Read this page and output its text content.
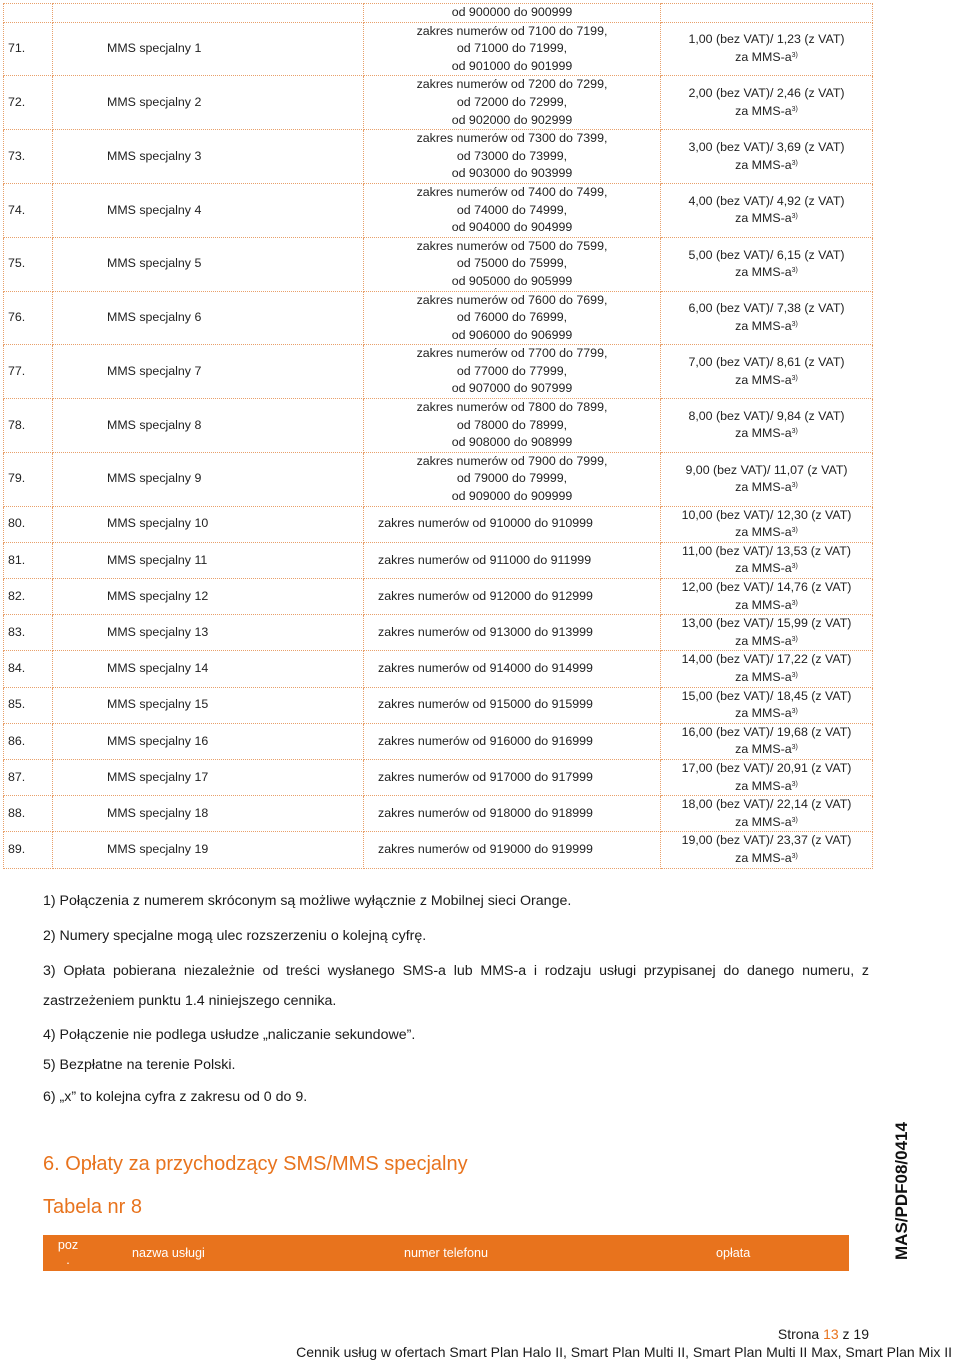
		od 900000 do 900999	

71.	MMS specjalny 1	zakres numerów od 7100 do 7199,
od 71000 do 71999,
od 901000 do 901999	1,00 (bez VAT)/ 1,23 (z VAT)
za MMS-$a^{3)}$

72.	MMS specjalny 2	zakres numerów od 7200 do 7299,
od 72000 do 72999,
od 902000 do 902999	2,00 (bez VAT)/ 2,46 (z VAT)
za MMS-$a^{3)}$

73.	MMS specjalny 3	zakres numerów od 7300 do 7399,
od 73000 do 73999,
od 903000 do 903999	3,00 (bez VAT)/ 3,69 (z VAT)
za MMS-$a^{3)}$

74.	MMS specjalny 4	zakres numerów od 7400 do 7499,
od 74000 do 74999,
od 904000 do 904999	4,00 (bez VAT)/ 4,92 (z VAT)
za MMS-$a^{3)}$

75.	MMS specjalny 5	zakres numerów od 7500 do 7599,
od 75000 do 75999,
od 905000 do 905999	5,00 (bez VAT)/ 6,15 (z VAT)
za MMS-$a^{3)}$

76.	MMS specjalny 6	zakres numerów od 7600 do 7699,
od 76000 do 76999,
od 906000 do 906999	6,00 (bez VAT)/ 7,38 (z VAT)
za MMS-$a^{3)}$

77.	MMS specjalny 7	zakres numerów od 7700 do 7799,
od 77000 do 77999,
od 907000 do 907999	7,00 (bez VAT)/ 8,61 (z VAT)
za MMS-$a^{3)}$

78.	MMS specjalny 8	zakres numerów od 7800 do 7899,
od 78000 do 78999,
od 908000 do 908999	8,00 (bez VAT)/ 9,84 (z VAT)
za MMS-$a^{3)}$

79.	MMS specjalny 9	zakres numerów od 7900 do 7999,
od 79000 do 79999,
od 909000 do 909999	9,00 (bez VAT)/ 11,07 (z VAT)
za MMS-$a^{3)}$

80.	MMS specjalny 10	zakres numerów od 910000 do 910999	10,00 (bez VAT)/ 12,30 (z VAT)
za MMS-$a^{3)}$

81.	MMS specjalny 11	zakres numerów od 911000 do 911999	11,00 (bez VAT)/ 13,53 (z VAT)
za MMS-$a^{3)}$

82.	MMS specjalny 12	zakres numerów od 912000 do 912999	12,00 (bez VAT)/ 14,76 (z VAT)
za MMS-$a^{3)}$

83.	MMS specjalny 13	zakres numerów od 913000 do 913999	13,00 (bez VAT)/ 15,99 (z VAT)
za MMS-$a^{3)}$

84.	MMS specjalny 14	zakres numerów od 914000 do 914999	14,00 (bez VAT)/ 17,22 (z VAT)
za MMS-$a^{3)}$

85.	MMS specjalny 15	zakres numerów od 915000 do 915999	15,00 (bez VAT)/ 18,45 (z VAT)
za MMS-$a^{3)}$

86.	MMS specjalny 16	zakres numerów od 916000 do 916999	16,00 (bez VAT)/ 19,68 (z VAT)
za MMS-$a^{3)}$

87.	MMS specjalny 17	zakres numerów od 917000 do 917999	17,00 (bez VAT)/ 20,91 (z VAT)
za MMS-$a^{3)}$

88.	MMS specjalny 18	zakres numerów od 918000 do 918999	18,00 (bez VAT)/ 22,14 (z VAT)
za MMS-$a^{3)}$

89.	MMS specjalny 19	zakres numerów od 919000 do 919999	19,00 (bez VAT)/ 23,37 (z VAT)
za MMS-$a^{3)}$
1) Połączenia z numerem skróconym są możliwe wyłącznie z Mobilnej sieci Orange.
2) Numery specjalne mogą ulec rozszerzeniu o kolejną cyfrę.
3) Opłata pobierana niezależnie od treści wysłanego SMS-a lub MMS-a i rodzaju usługi przypisanej do danego numeru, z zastrzeżeniem punktu 1.4 niniejszego cennika.
4) Połączenie nie podlega usłudze „naliczanie sekundowe”.
5) Bezpłatne na terenie Polski.
6) „x” to kolejna cyfra z zakresu od 0 do 9.
6. Opłaty za przychodzący SMS/MMS specjalny
Tabela nr 8
poz
.	nazwa usługi	numer telefonu	opłata	MAS/PDF08/0414
Strona 13 z 19
Cennik usług w ofertach Smart Plan Halo II, Smart Plan Multi II, Smart Plan Multi II Max, Smart Plan Mix II
